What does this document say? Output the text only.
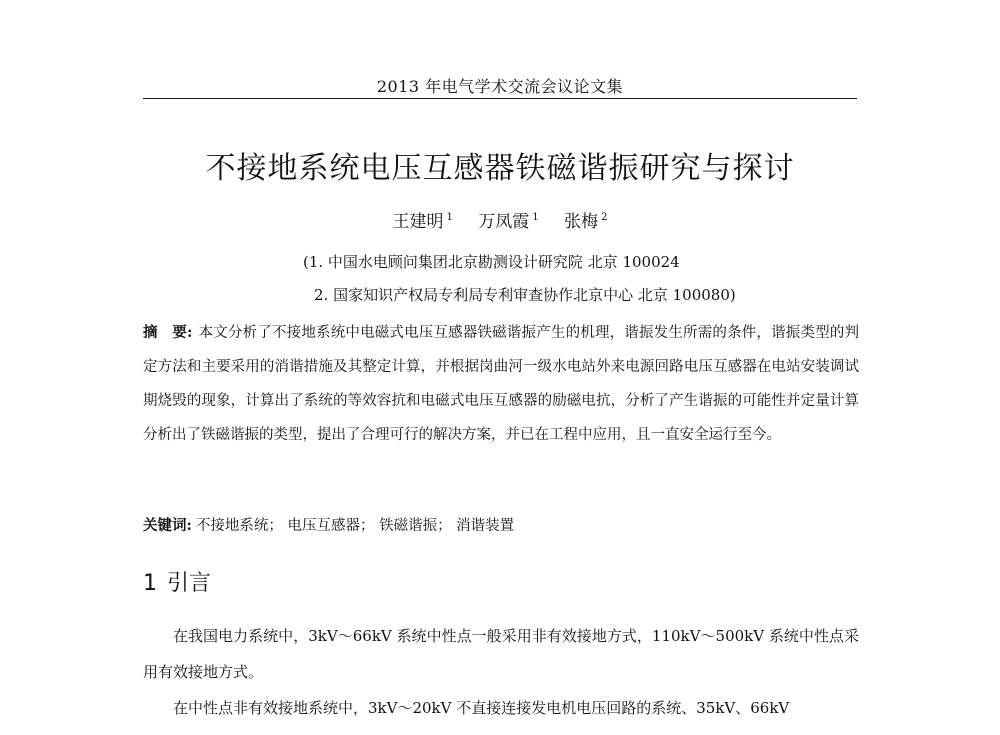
2013 年电气学术交流会议论文集
不接地系统电压互感器铁磁谐振研究与探讨
王建明 $^1$ 万凤霞 $^1$ 张梅 $^2$
(1. 中国水电顾问集团北京勘测设计研究院 北京 100024
2. 国家知识产权局专利局专利审查协作北京中心 北京 100080)
摘　要: 本文分析了不接地系统中电磁式电压互感器铁磁谐振产生的机理，谐振发生所需的条件，谐振类型的判定方法和主要采用的消谐措施及其整定计算，并根据岗曲河一级水电站外来电源回路电压互感器在电站安装调试期烧毁的现象，计算出了系统的等效容抗和电磁式电压互感器的励磁电抗，分析了产生谐振的可能性并定量计算分析出了铁磁谐振的类型，提出了合理可行的解决方案，并已在工程中应用，且一直安全运行至今。
关键词: 不接地系统； 电压互感器； 铁磁谐振； 消谐装置
1 引言

在我国电力系统中，3kV～66kV 系统中性点一般采用非有效接地方式，110kV～500kV 系统中性点采用有效接地方式。

在中性点非有效接地系统中，3kV～20kV 不直接连接发电机电压回路的系统、35kV、66kV
